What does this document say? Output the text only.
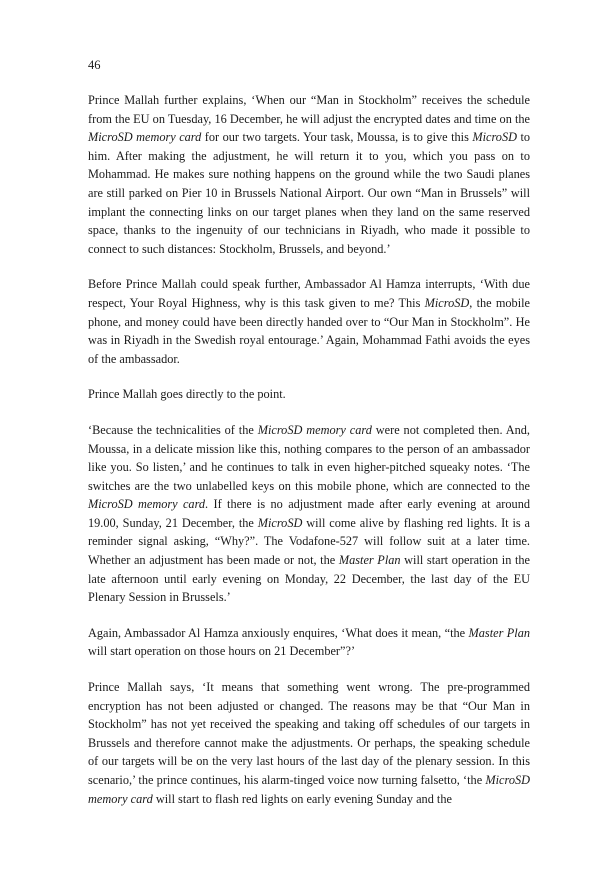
46

Prince Mallah further explains, ‘When our “Man in Stockholm” receives the schedule from the EU on Tuesday, 16 December, he will adjust the encrypted dates and time on the MicroSD memory card for our two targets. Your task, Moussa, is to give this MicroSD to him. After making the adjustment, he will return it to you, which you pass on to Mohammad. He makes sure nothing happens on the ground while the two Saudi planes are still parked on Pier 10 in Brussels National Airport. Our own “Man in Brussels” will implant the connecting links on our target planes when they land on the same reserved space, thanks to the ingenuity of our technicians in Riyadh, who made it possible to connect to such distances: Stockholm, Brussels, and beyond.’

Before Prince Mallah could speak further, Ambassador Al Hamza interrupts, ‘With due respect, Your Royal Highness, why is this task given to me? This MicroSD, the mobile phone, and money could have been directly handed over to “Our Man in Stockholm”. He was in Riyadh in the Swedish royal entourage.’ Again, Mohammad Fathi avoids the eyes of the ambassador.

Prince Mallah goes directly to the point.

‘Because the technicalities of the MicroSD memory card were not completed then. And, Moussa, in a delicate mission like this, nothing compares to the person of an ambassador like you. So listen,’ and he continues to talk in even higher-pitched squeaky notes. ‘The switches are the two unlabelled keys on this mobile phone, which are connected to the MicroSD memory card. If there is no adjustment made after early evening at around 19.00, Sunday, 21 December, the MicroSD will come alive by flashing red lights. It is a reminder signal asking, “Why?”. The Vodafone-527 will follow suit at a later time. Whether an adjustment has been made or not, the Master Plan will start operation in the late afternoon until early evening on Monday, 22 December, the last day of the EU Plenary Session in Brussels.’

Again, Ambassador Al Hamza anxiously enquires, ‘What does it mean, “the Master Plan will start operation on those hours on 21 December”?’

Prince Mallah says, ‘It means that something went wrong. The pre-programmed encryption has not been adjusted or changed. The reasons may be that “Our Man in Stockholm” has not yet received the speaking and taking off schedules of our targets in Brussels and therefore cannot make the adjustments. Or perhaps, the speaking schedule of our targets will be on the very last hours of the last day of the plenary session. In this scenario,’ the prince continues, his alarm-tinged voice now turning falsetto, ‘the MicroSD memory card will start to flash red lights on early evening Sunday and the
